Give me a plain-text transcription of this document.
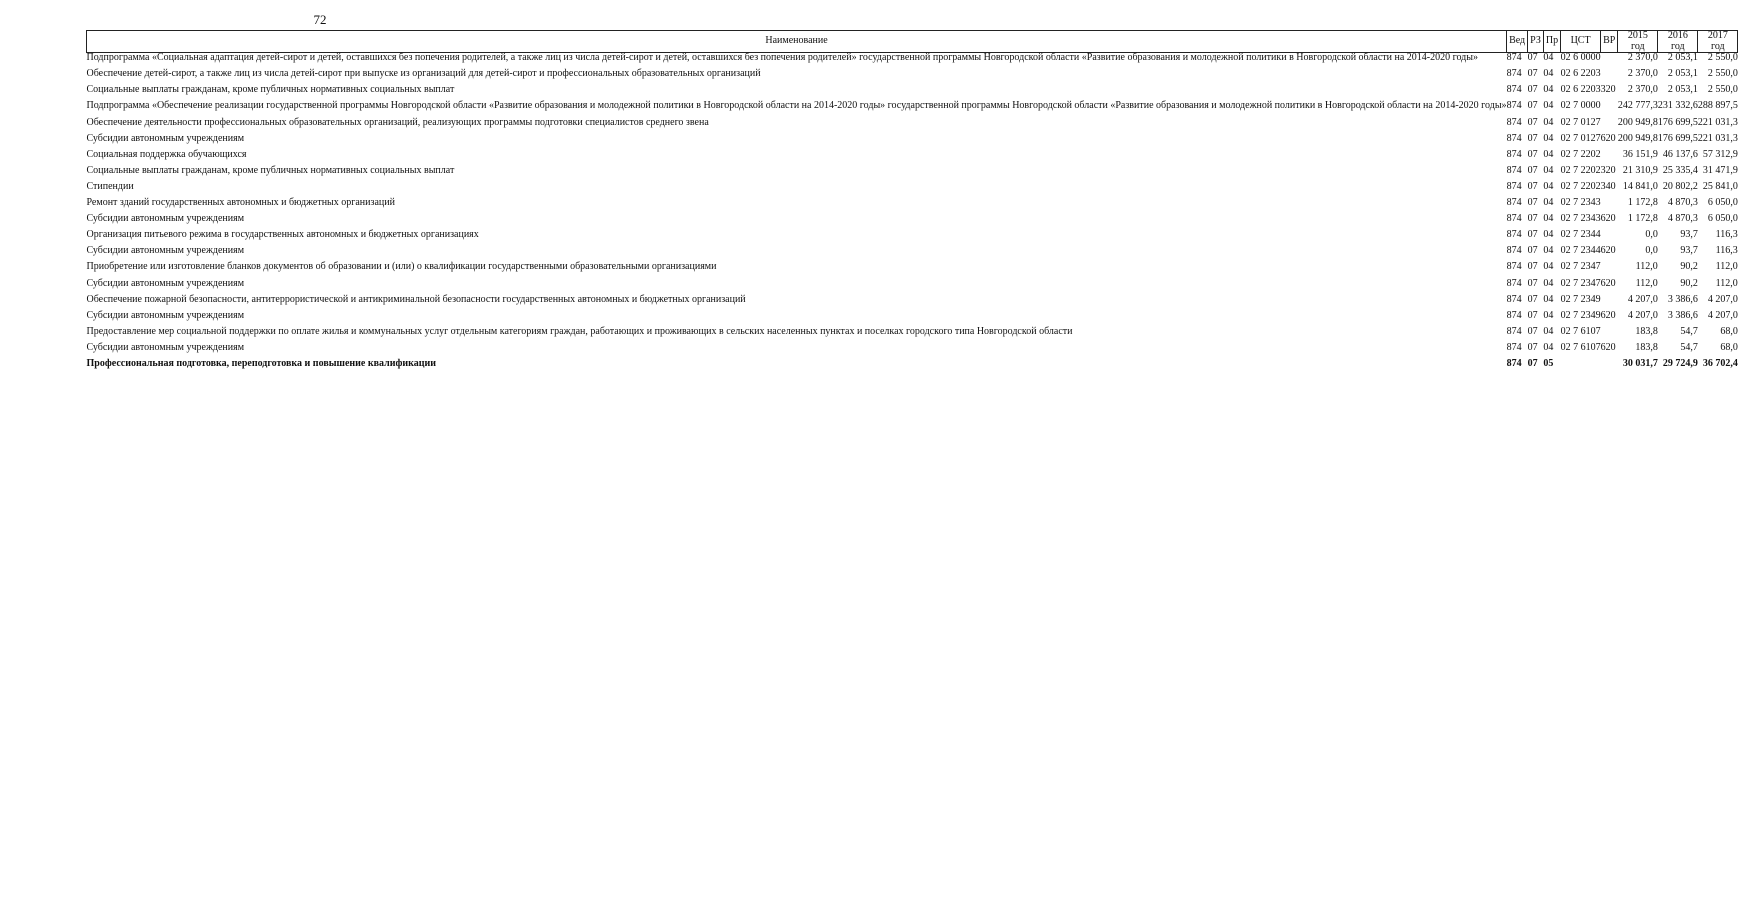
72
Наименование	Вед	РЗ	Пр	ЦСТ	ВР	2015 год	2016 год	2017 год
Подпрограмма «Социальная адаптация детей-сирот и детей, оставшихся без попечения родителей, а также лиц из числа детей-сирот и детей, оставшихся без попечения родителей» государственной программы Новгородской области «Развитие образования и молодежной политики в Новгородской области на 2014-2020 годы»	874	07	04	02 6 0000		2 370,0	2 053,1	2 550,0
Обеспечение детей-сирот, а также лиц из числа детей-сирот при выпуске из организаций для детей-сирот и профессиональных образовательных организаций	874	07	04	02 6 2203		2 370,0	2 053,1	2 550,0
Социальные выплаты гражданам, кроме публичных нормативных социальных выплат	874	07	04	02 6 2203	320	2 370,0	2 053,1	2 550,0
Подпрограмма «Обеспечение реализации государственной программы Новгородской области «Развитие образования и молодежной политики в Новгородской области на 2014-2020 годы» государственной программы Новгородской области «Развитие образования и молодежной политики в Новгородской области на 2014-2020 годы»	874	07	04	02 7 0000		242 777,3	231 332,6	288 897,5
Обеспечение деятельности профессиональных образовательных организаций, реализующих программы подготовки специалистов среднего звена	874	07	04	02 7 0127		200 949,8	176 699,5	221 031,3
Субсидии автономным учреждениям	874	07	04	02 7 0127	620	200 949,8	176 699,5	221 031,3
Социальная поддержка обучающихся	874	07	04	02 7 2202		36 151,9	46 137,6	57 312,9
Социальные выплаты гражданам, кроме публичных нормативных социальных выплат	874	07	04	02 7 2202	320	21 310,9	25 335,4	31 471,9
Стипендии	874	07	04	02 7 2202	340	14 841,0	20 802,2	25 841,0
Ремонт зданий государственных автономных и бюджетных организаций	874	07	04	02 7 2343		1 172,8	4 870,3	6 050,0
Субсидии автономным учреждениям	874	07	04	02 7 2343	620	1 172,8	4 870,3	6 050,0
Организация питьевого режима в государственных автономных и бюджетных организациях	874	07	04	02 7 2344		0,0	93,7	116,3
Субсидии автономным учреждениям	874	07	04	02 7 2344	620	0,0	93,7	116,3
Приобретение или изготовление бланков документов об образовании и (или) о квалификации государственными образовательными организациями	874	07	04	02 7 2347		112,0	90,2	112,0
Субсидии автономным учреждениям	874	07	04	02 7 2347	620	112,0	90,2	112,0
Обеспечение пожарной безопасности, антитеррористической и антикриминальной безопасности государственных автономных и бюджетных организаций	874	07	04	02 7 2349		4 207,0	3 386,6	4 207,0
Субсидии автономным учреждениям	874	07	04	02 7 2349	620	4 207,0	3 386,6	4 207,0
Предоставление мер социальной поддержки по оплате жилья и коммунальных услуг отдельным категориям граждан, работающих и проживающих в сельских населенных пунктах и поселках городского типа Новгородской области	874	07	04	02 7 6107		183,8	54,7	68,0
Субсидии автономным учреждениям	874	07	04	02 7 6107	620	183,8	54,7	68,0
Профессиональная подготовка, переподготовка и повышение квалификации	874	07	05			30 031,7	29 724,9	36 702,4
